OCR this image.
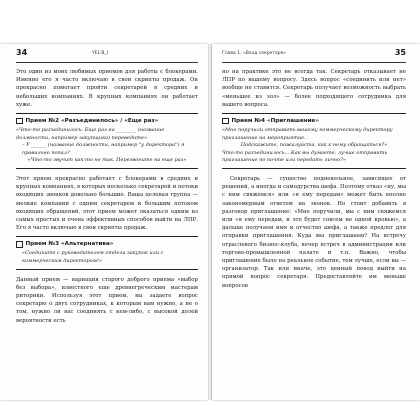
34	YEL'B_I

Это один из моих любимых приемов для работы с блокерами. Именно его я часто включаю в свои скрипты продаж. Он прекрасно помогает пройти секретарей в средних и небольших компаниях. В крупных компаниях он работает хуже.

Прием №2 «Разъединилось» / «Еще раз»
«Что-то разъединилось. Еще раз на ________ (название должности, например закупщика) переведите»
– У ______ (название должности, например "у директора") я правильно попал?
«Что-то звучит как-то не так. Перезвоните на еще раз»

Этот прием прекрасно работает с блокерами в средних и крупных компаниях, в которых несколько секретарей и потоки входящих звонков довольно большие. Ваша целевая группа — мелкие компании с одним секретарем и большим потоком входящих обращений, этот прием может оказаться одним из самых простых и очень эффективных способов выйти на ЛПР. Его я часто включаю в свои скрипты продаж.

Прием №3 «Альтернатива»
«Соедините с руководителем отдела закупок или с коммерческим директором!»

Данный прием — вариация старого доброго приема «выбор без выбора», известного еще древнегреческим мастерам риторики. Используя этот прием, вы задаете вопрос секретарю о двух сотрудниках, к которым вам нужно, а не о том, нужно ли вас соединять с кем-либо, с высокой долей вероятности есть

Глава 1. «Вход секретаря»	35

но на практике это не всегда так. Секретарь отказывает не ЛПР по вашему вопросу. Здесь вопрос «соединить или нет» вообще не ставится. Секретарь получает возможность выбрать «меньшее из зол» — более подходящего сотрудника для вашего вопроса.

Прием №4 «Приглашение»
«Мне поручили отправить вашему коммерческому директору приглашение на мероприятие.
Подскажите, пожалуйста, как к нему обращаться?»
Что-то разъединилось... Как вы думаете, лучше отправить приглашение по почте или передать лично?»

Секретарь — существо подневольное, зависящее от решений, а иногда и самодурства шефа. Поэтому отказ «ну, мы с ним свяжемся» или «я ему передам» может быть вполне закономерным ответом на звонок. Но стоит добавить в разговор приглашение: «Мне поручили, мы с ним свяжемся или «я ему передам, и это будет совсем не одной кровью», а дальше получаем имя и отчество шефа, а также предлог для отправки приглашения. Куда мы приглашаем? На встречу отраслевого бизнес-клуба, вечер встреч в администрации или торгово-промышленной палате и т.п. Важно, чтобы приглашение было на реальное событие, тем лучше, если вы — организатор. Так или иначе, это ценный повод выйти на прямой вопрос секретаря. Предоставляйте им меньше вопросов
